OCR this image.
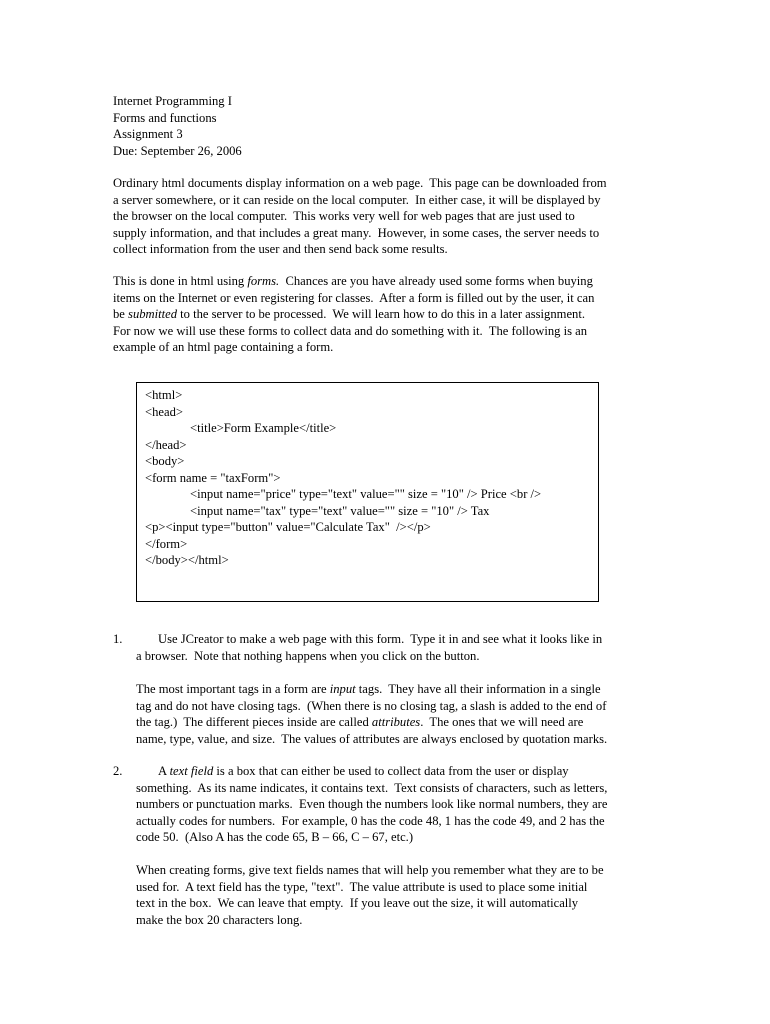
Internet Programming I
Forms and functions
Assignment 3
Due: September 26, 2006
Ordinary html documents display information on a web page.  This page can be downloaded from
a server somewhere, or it can reside on the local computer.  In either case, it will be displayed by
the browser on the local computer.  This works very well for web pages that are just used to
supply information, and that includes a great many.  However, in some cases, the server needs to
collect information from the user and then send back some results.
This is done in html using forms.  Chances are you have already used some forms when buying
items on the Internet or even registering for classes.  After a form is filled out by the user, it can
be submitted to the server to be processed.  We will learn how to do this in a later assignment.
For now we will use these forms to collect data and do something with it.  The following is an
example of an html page containing a form.
<html>
<head>
<title>Form Example</title>
</head>
<body>
<form name = "taxForm">
<input name="price" type="text" value="" size = "10" /> Price <br />
<input name="tax" type="text" value="" size = "10" /> Tax
<p><input type="button" value="Calculate Tax"  /></p>
</form>
</body></html>
1.	Use JCreator to make a web page with this form.  Type it in and see what it looks like in
a browser.  Note that nothing happens when you click on the button.
The most important tags in a form are input tags.  They have all their information in a single
tag and do not have closing tags.  (When there is no closing tag, a slash is added to the end of
the tag.)  The different pieces inside are called attributes.  The ones that we will need are
name, type, value, and size.  The values of attributes are always enclosed by quotation marks.
2.	A text field is a box that can either be used to collect data from the user or display
something.  As its name indicates, it contains text.  Text consists of characters, such as letters,
numbers or punctuation marks.  Even though the numbers look like normal numbers, they are
actually codes for numbers.  For example, 0 has the code 48, 1 has the code 49, and 2 has the
code 50.  (Also A has the code 65, B – 66, C – 67, etc.)
When creating forms, give text fields names that will help you remember what they are to be
used for.  A text field has the type, "text".  The value attribute is used to place some initial
text in the box.  We can leave that empty.  If you leave out the size, it will automatically
make the box 20 characters long.
